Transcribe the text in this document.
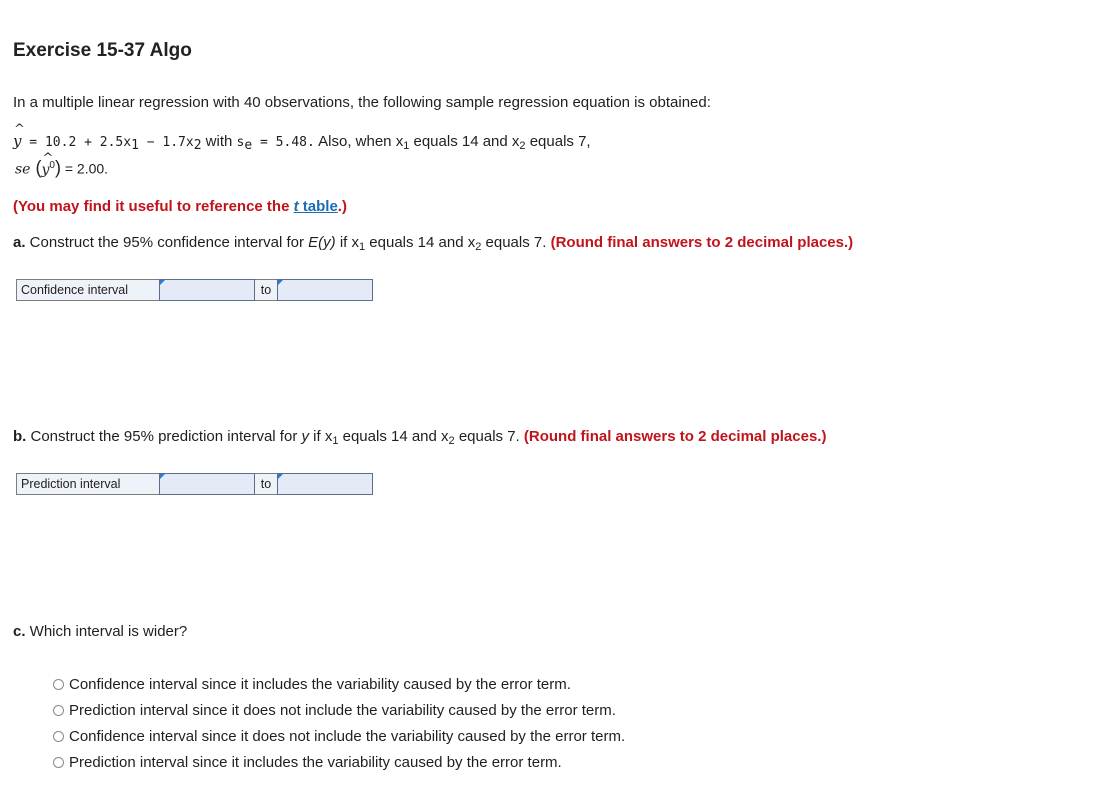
Exercise 15-37 Algo
In a multiple linear regression with 40 observations, the following sample regression equation is obtained:
y ^ = $10.2 + 2.5x_1 - 1.7x_2$ with $s_e = 5.48$. Also, when $x_1$ equals 14 and $x_2$ equals 7,
se (y ^$^0$) = 2.00.
(You may find it useful to reference the t table.)
a. Construct the 95% confidence interval for E(y) if $x_1$ equals 14 and $x_2$ equals 7. (Round final answers to 2 decimal places.)
Confidence interval	to
b. Construct the 95% prediction interval for y if $x_1$ equals 14 and $x_2$ equals 7. (Round final answers to 2 decimal places.)
Prediction interval	to
c. Which interval is wider?
Confidence interval since it includes the variability caused by the error term.
Prediction interval since it does not include the variability caused by the error term.
Confidence interval since it does not include the variability caused by the error term.
Prediction interval since it includes the variability caused by the error term.
